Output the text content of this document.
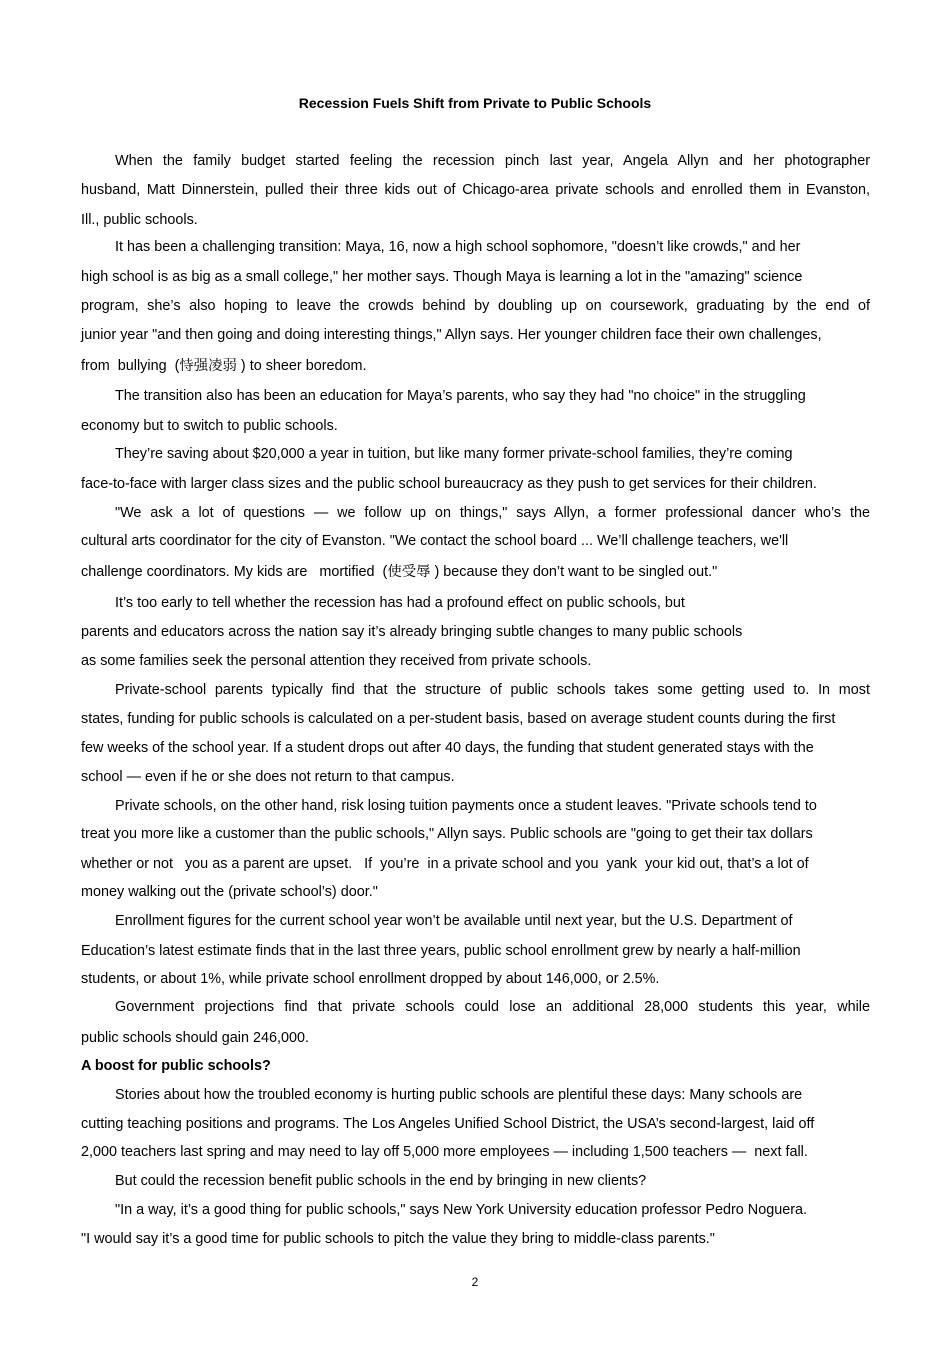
Recession Fuels Shift from Private to Public Schools
When the family budget started feeling the recession pinch last year, Angela Allyn and her photographer
husband, Matt Dinnerstein, pulled their three kids out of Chicago-area private schools and enrolled them in Evanston,
Ill., public schools.
It has been a challenging transition: Maya, 16, now a high school sophomore, "doesn’t like crowds," and her
high school is as big as a small college," her mother says. Though Maya is learning a lot in the "amazing" science
program, she’s also hoping to leave the crowds behind by doubling up on coursework, graduating by the end of
junior year "and then going and doing interesting things," Allyn says. Her younger children face their own challenges,
from  bullying  (恃强凌弱 ) to sheer boredom.
The transition also has been an education for Maya’s parents, who say they had "no choice" in the struggling
economy but to switch to public schools.
They’re saving about $20,000 a year in tuition, but like many former private-school families, they’re coming
face-to-face with larger class sizes and the public school bureaucracy as they push to get services for their children.
"We ask a lot of questions — we follow up on things," says Allyn, a former professional dancer who’s the
cultural arts coordinator for the city of Evanston. "We contact the school board ... We’ll challenge teachers, we'll
challenge coordinators. My kids are   mortified  (使受辱 ) because they don’t want to be singled out."
It’s too early to tell whether the recession has had a profound effect on public schools, but
parents and educators across the nation say it’s already bringing subtle changes to many public schools
as some families seek the personal attention they received from private schools.
Private-school parents typically find that the structure of public schools takes some getting used to. In most
states, funding for public schools is calculated on a per-student basis, based on average student counts during the first
few weeks of the school year. If a student drops out after 40 days, the funding that student generated stays with the
school — even if he or she does not return to that campus.
Private schools, on the other hand, risk losing tuition payments once a student leaves. "Private schools tend to
treat you more like a customer than the public schools," Allyn says. Public schools are "going to get their tax dollars
whether or not   you as a parent are upset.   If  you’re  in a private school and you  yank  your kid out, that’s a lot of
money walking out the (private school’s) door."
Enrollment figures for the current school year won’t be available until next year, but the U.S. Department of
Education’s latest estimate finds that in the last three years, public school enrollment grew by nearly a half-million
students, or about 1%, while private school enrollment dropped by about 146,000, or 2.5%.
Government projections find that private schools could lose an additional 28,000 students this year, while
public schools should gain 246,000.
A boost for public schools?
Stories about how the troubled economy is hurting public schools are plentiful these days: Many schools are
cutting teaching positions and programs. The Los Angeles Unified School District, the USA’s second-largest, laid off
2,000 teachers last spring and may need to lay off 5,000 more employees — including 1,500 teachers —  next fall.
But could the recession benefit public schools in the end by bringing in new clients?
"In a way, it’s a good thing for public schools," says New York University education professor Pedro Noguera.
"I would say it’s a good time for public schools to pitch the value they bring to middle-class parents."
2
